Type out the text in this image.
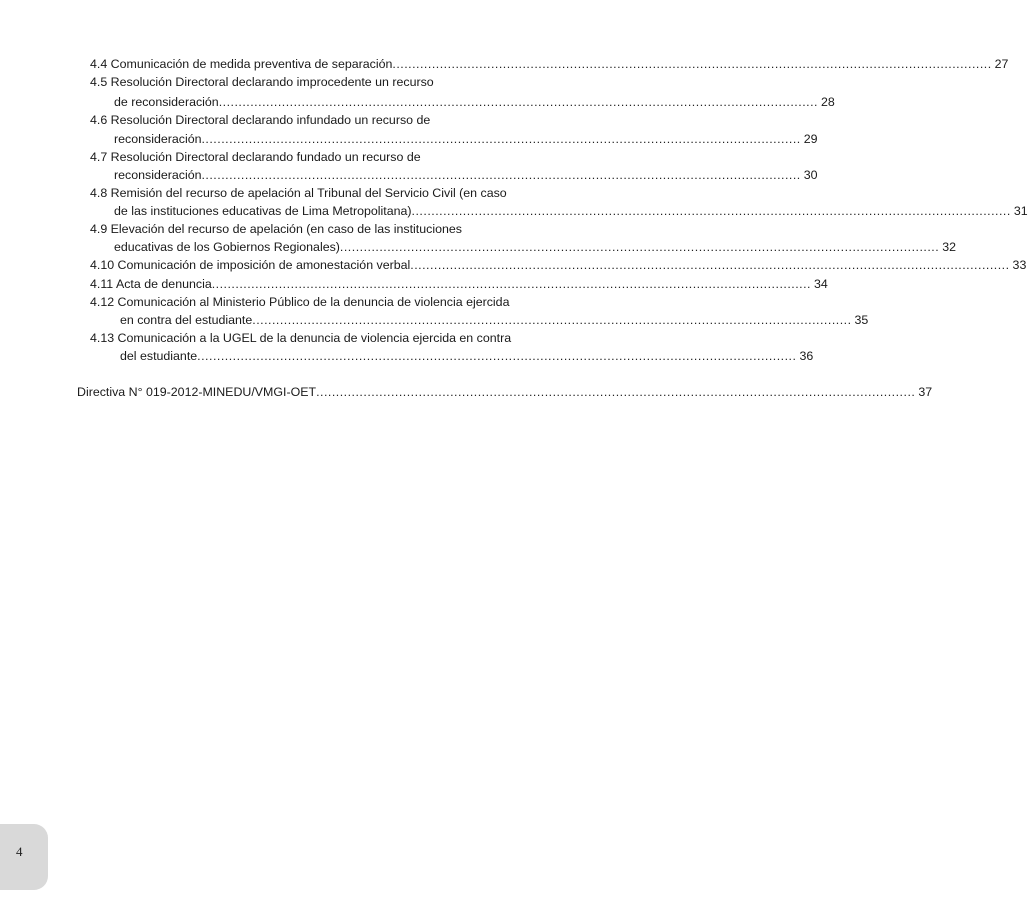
4.4 Comunicación de medida preventiva de separación ........................................................................................................................................................ 27
4.5 Resolución Directoral declarando improcedente un recurso
de reconsideración ........................................................................................................................................................ 28
4.6 Resolución Directoral declarando infundado un recurso de
reconsideración ........................................................................................................................................................ 29
4.7 Resolución Directoral declarando fundado un recurso de
reconsideración ........................................................................................................................................................ 30
4.8 Remisión del recurso de apelación al Tribunal del Servicio Civil (en caso
de las instituciones educativas de Lima Metropolitana) ........................................................................................................................................................ 31
4.9 Elevación del recurso de apelación (en caso de las instituciones
educativas de los Gobiernos Regionales) ........................................................................................................................................................ 32
4.10 Comunicación de imposición de amonestación verbal ........................................................................................................................................................ 33
4.11 Acta de denuncia ........................................................................................................................................................ 34
4.12 Comunicación al Ministerio Público de la denuncia de violencia ejercida
en contra del estudiante ........................................................................................................................................................ 35
4.13 Comunicación a la UGEL de la denuncia de violencia ejercida en contra
del estudiante ........................................................................................................................................................ 36
Directiva N° 019-2012-MINEDU/VMGI-OET ........................................................................................................................................................ 37
4
